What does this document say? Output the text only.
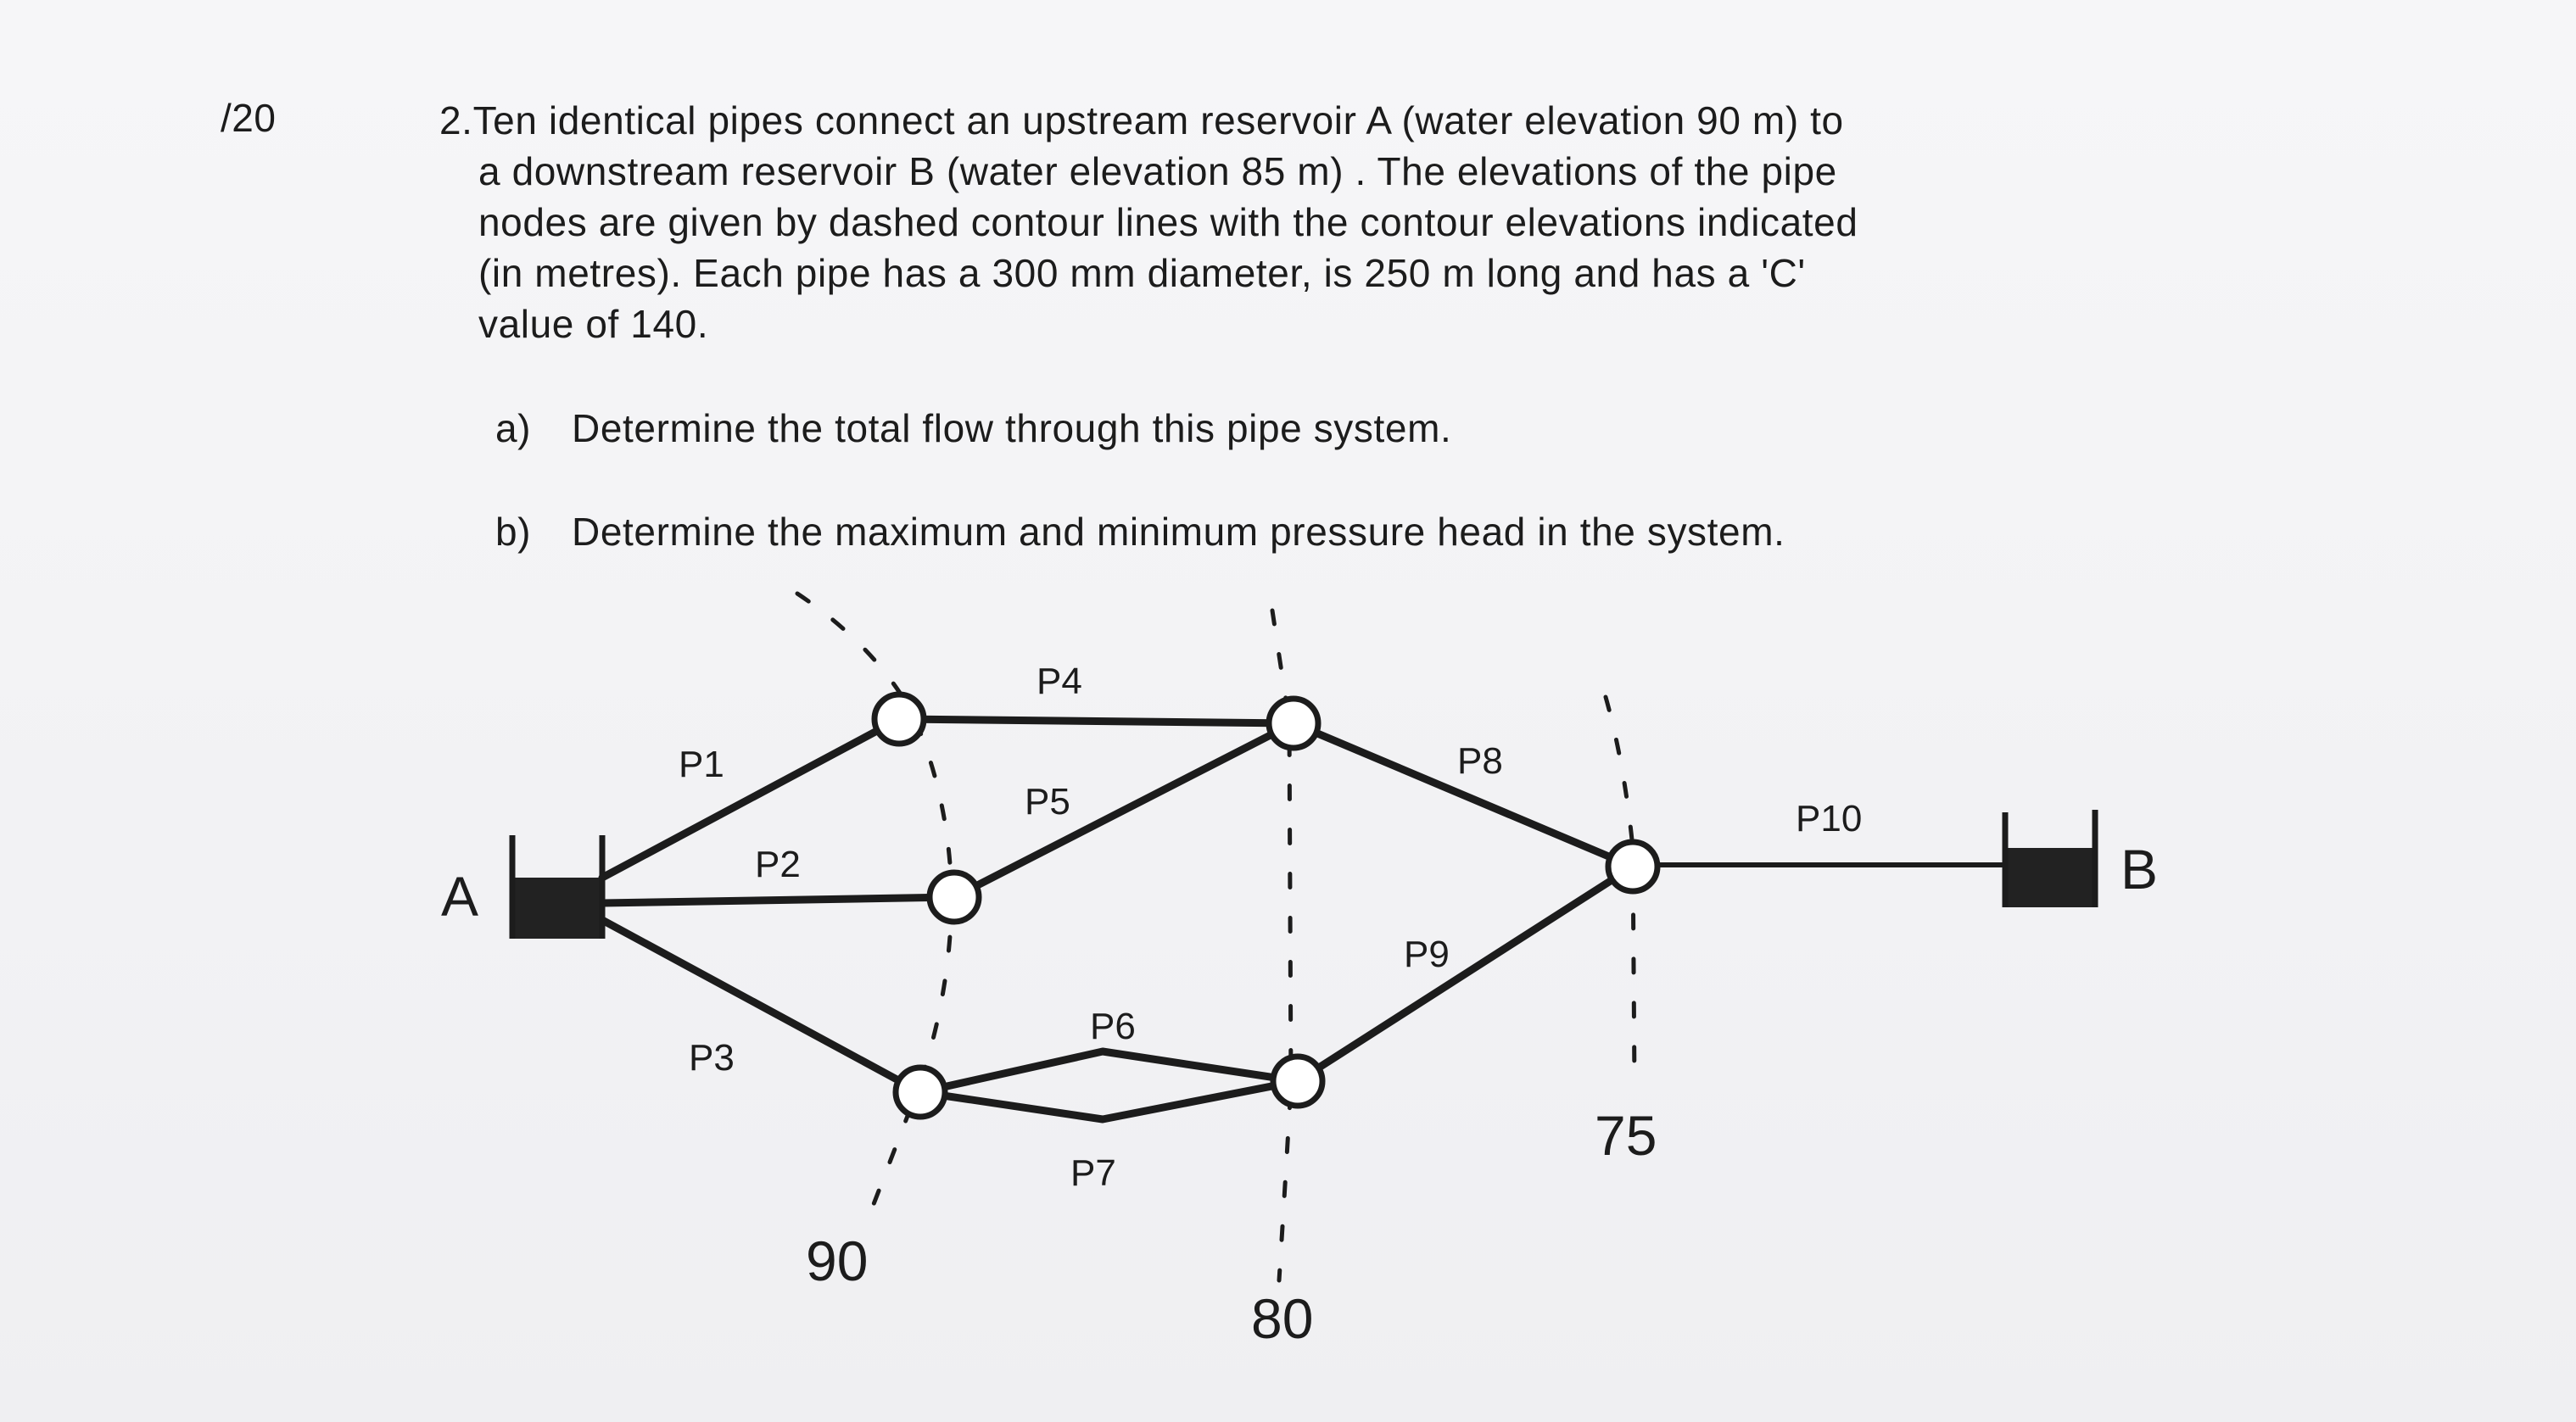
/20	2.Ten identical pipes connect an upstream reservoir A (water elevation 90 m) to
a downstream reservoir B (water elevation 85 m) . The elevations of the pipe
nodes are given by dashed contour lines with the contour elevations indicated
(in metres). Each pipe has a 300 mm diameter, is 250 m long and has a 'C'
value of 140.
a) Determine the total flow through this pipe system.
b) Determine the maximum and minimum pressure head in the system.
P1
P2
P3
P4
P5
P6
P7
P8
P9
P10
A	B
90
80
75
